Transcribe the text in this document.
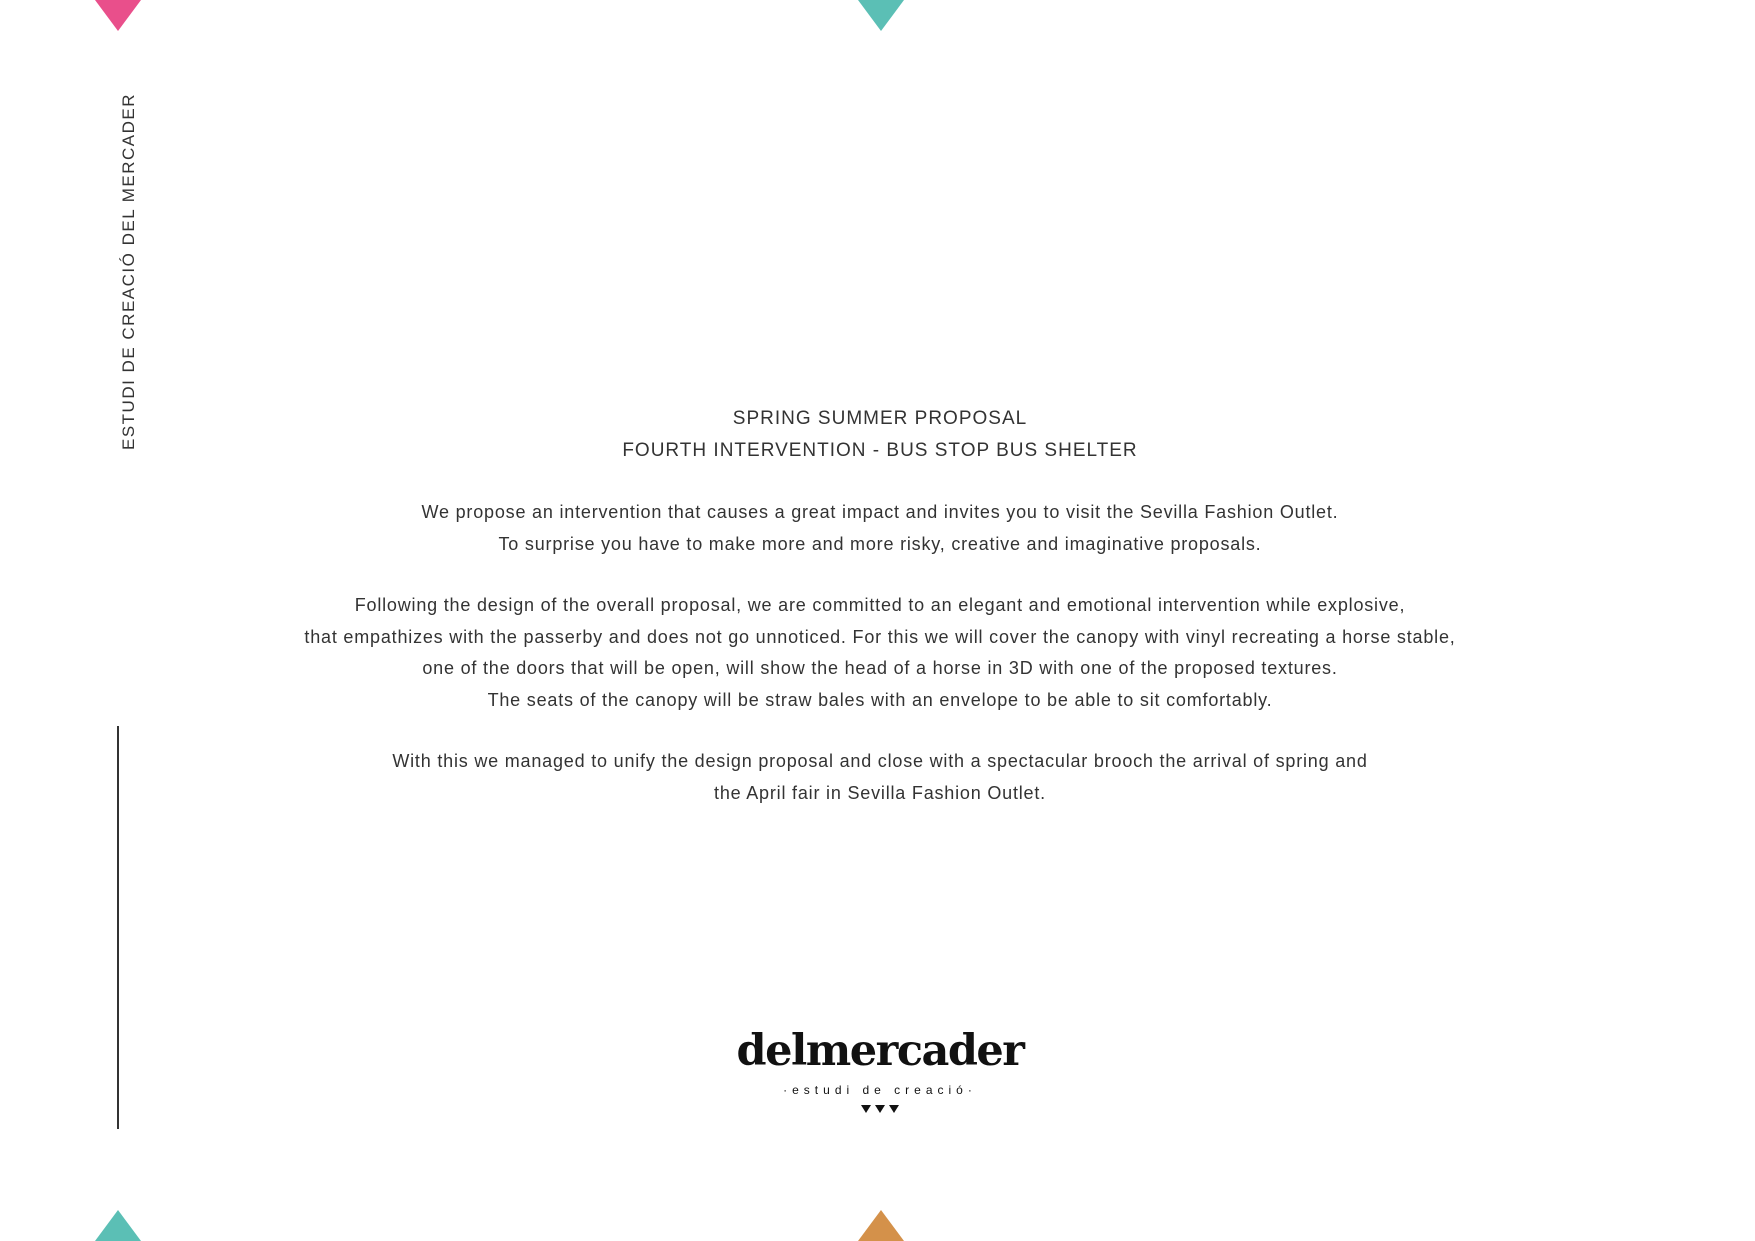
ESTUDI DE CREACIÓ DEL MERCADER	SPRING SUMMER PROPOSAL

FOURTH INTERVENTION - BUS STOP BUS SHELTER

We propose an intervention that causes a great impact and invites you to visit the Sevilla Fashion Outlet.
To surprise you have to make more and more risky, creative and imaginative proposals.

Following the design of the overall proposal, we are committed to an elegant and emotional intervention while explosive,
that empathizes with the passerby and does not go unnoticed. For this we will cover the canopy with vinyl recreating a horse stable,
one of the doors that will be open, will show the head of a horse in 3D with one of the proposed textures.
The seats of the canopy will be straw bales with an envelope to be able to sit comfortably.

With this we managed to unify the design proposal and close with a spectacular brooch the arrival of spring and
the April fair in Sevilla Fashion Outlet.

delmercader
·estudi de creació·
